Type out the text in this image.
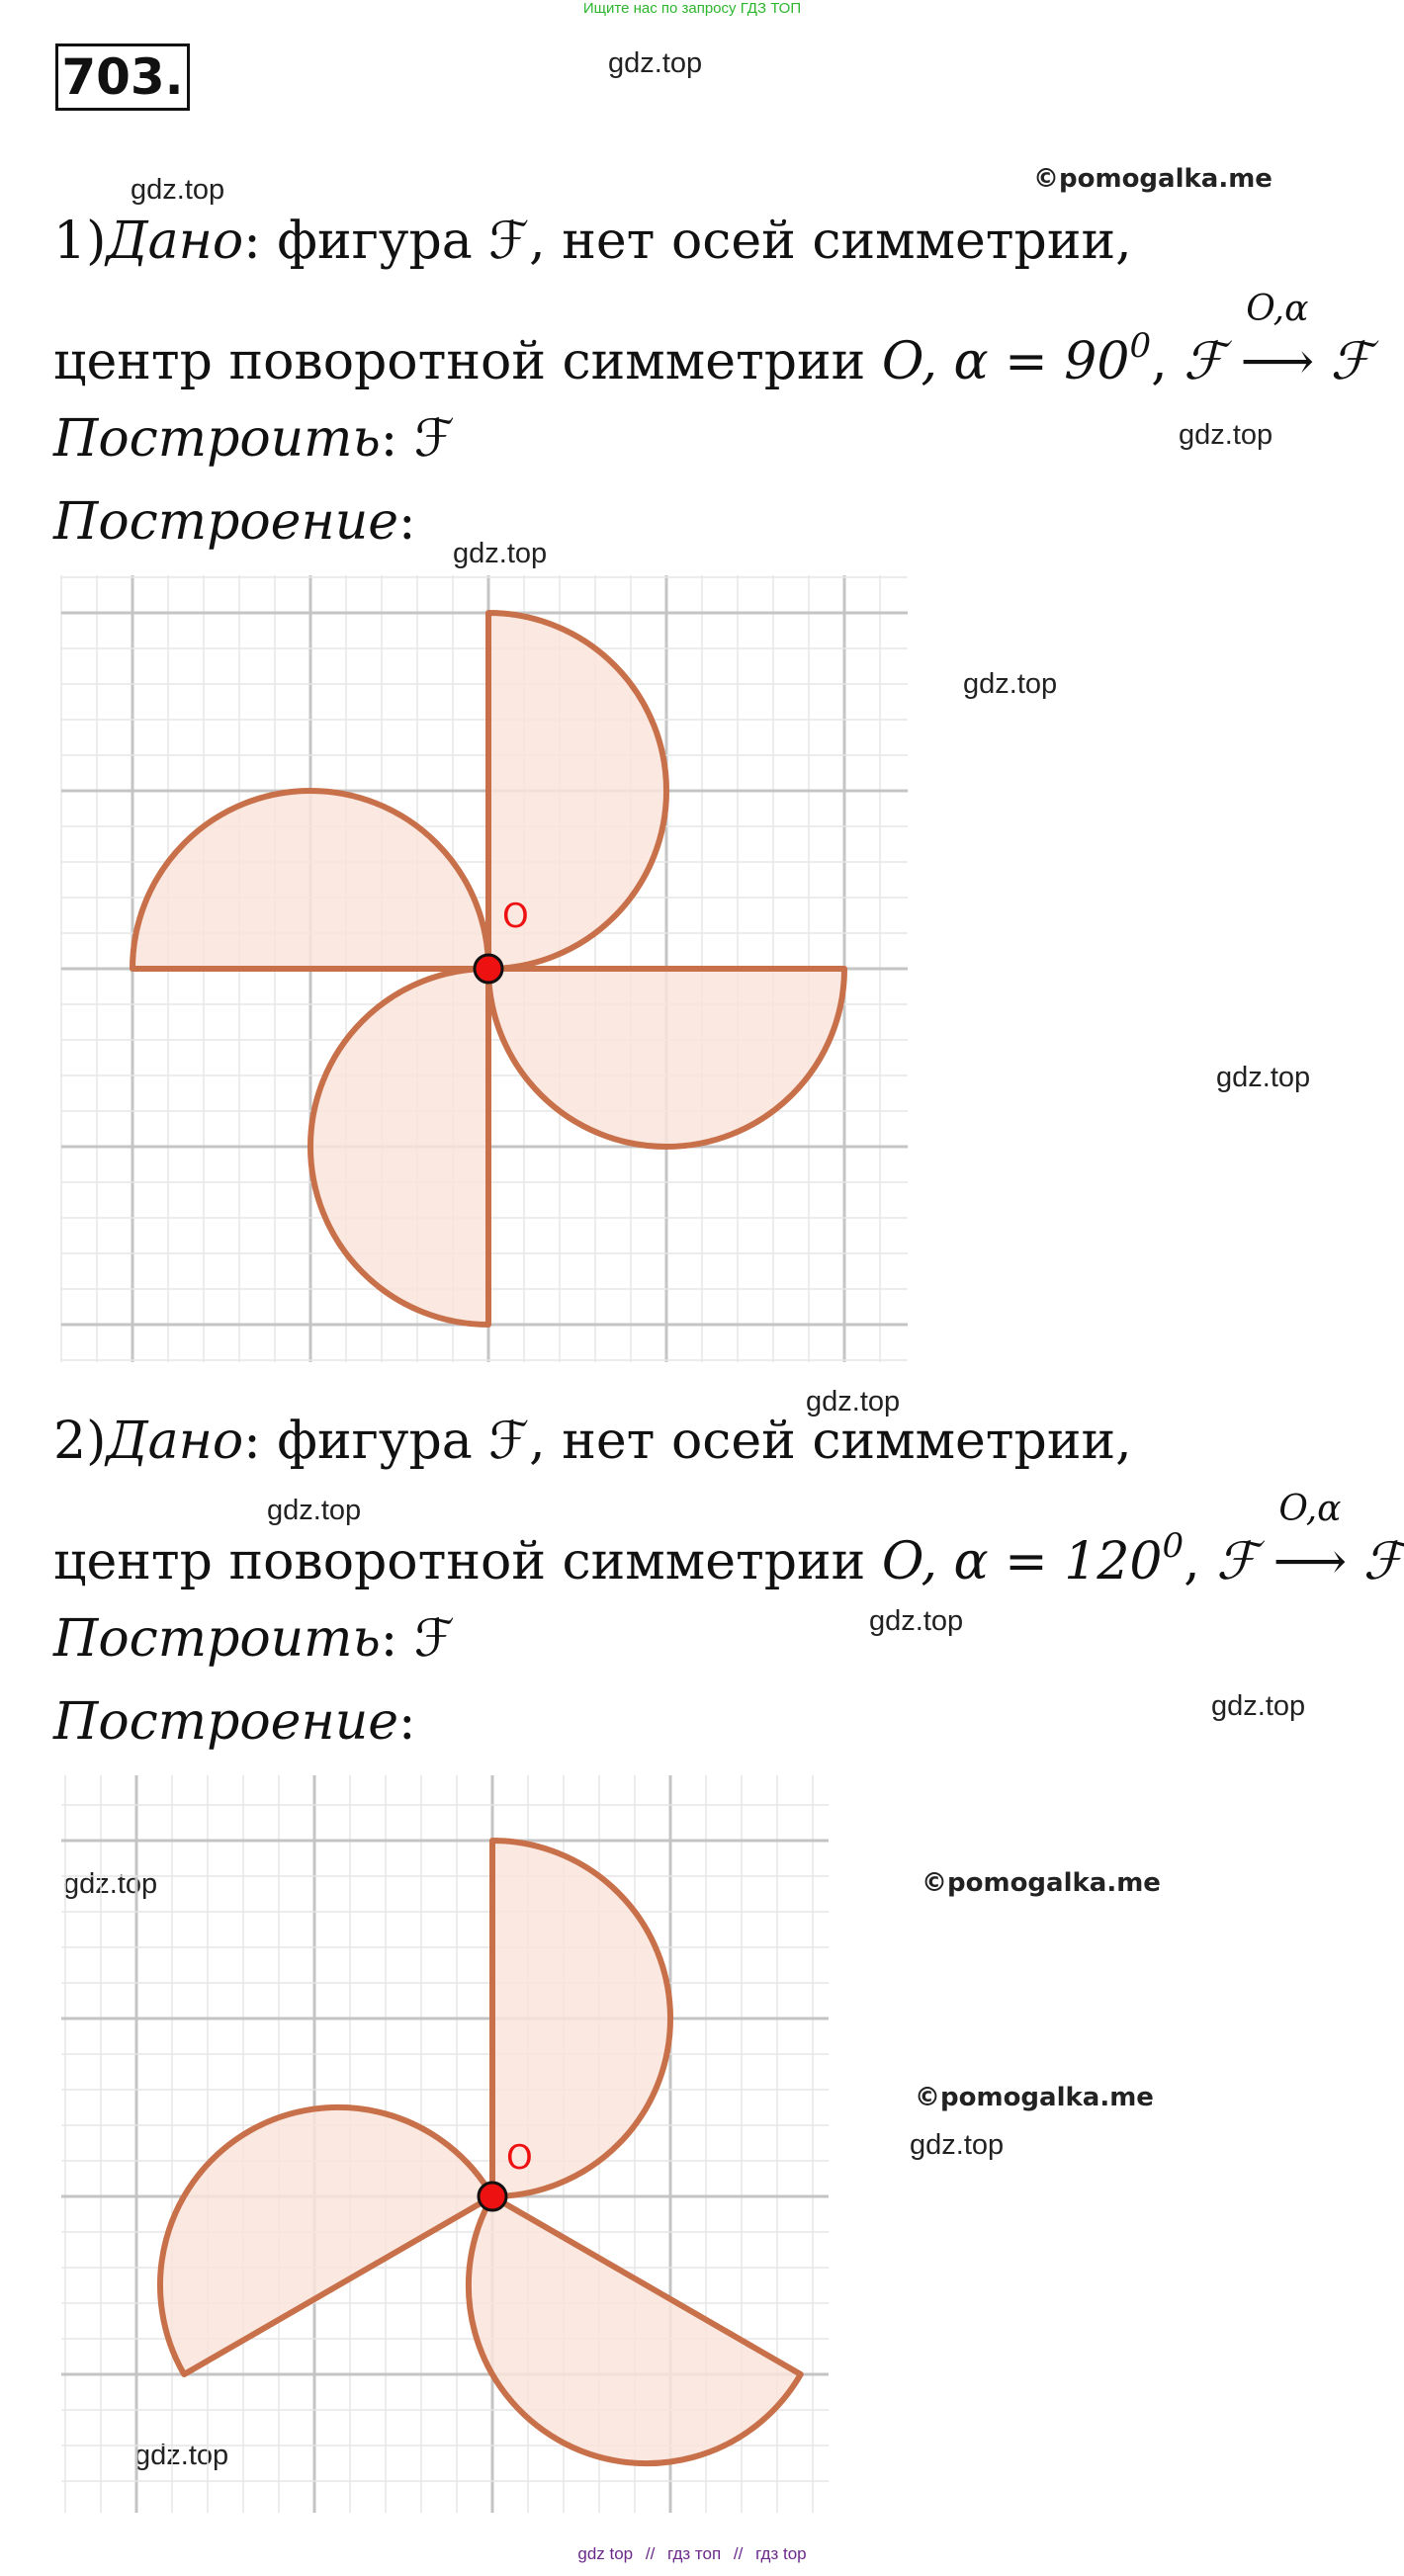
Ищите нас по запросу ГДЗ ТОП
703.	gdz.top
gdz.top	©pomogalka.me
gdz.top
gdz.top
gdz.top
gdz.top
gdz.top
gdz.top
gdz.top
gdz.top
gdz.top	©pomogalka.me
©pomogalka.me
gdz.top
gdz.top
1)Дано: фигура ℱ, нет осей симметрии,
центр поворотной симметрии O, $\alpha = 90^0$, ℱ
O,α
⟶ ℱ
Построить: ℱ
Построение:
O
2)Дано: фигура ℱ, нет осей симметрии,
центр поворотной симметрии O, $\alpha = 120^0$, ℱ
O,α
⟶ ℱ
Построить: ℱ
Построение:
O
gdz top // гдз топ // гдз top
